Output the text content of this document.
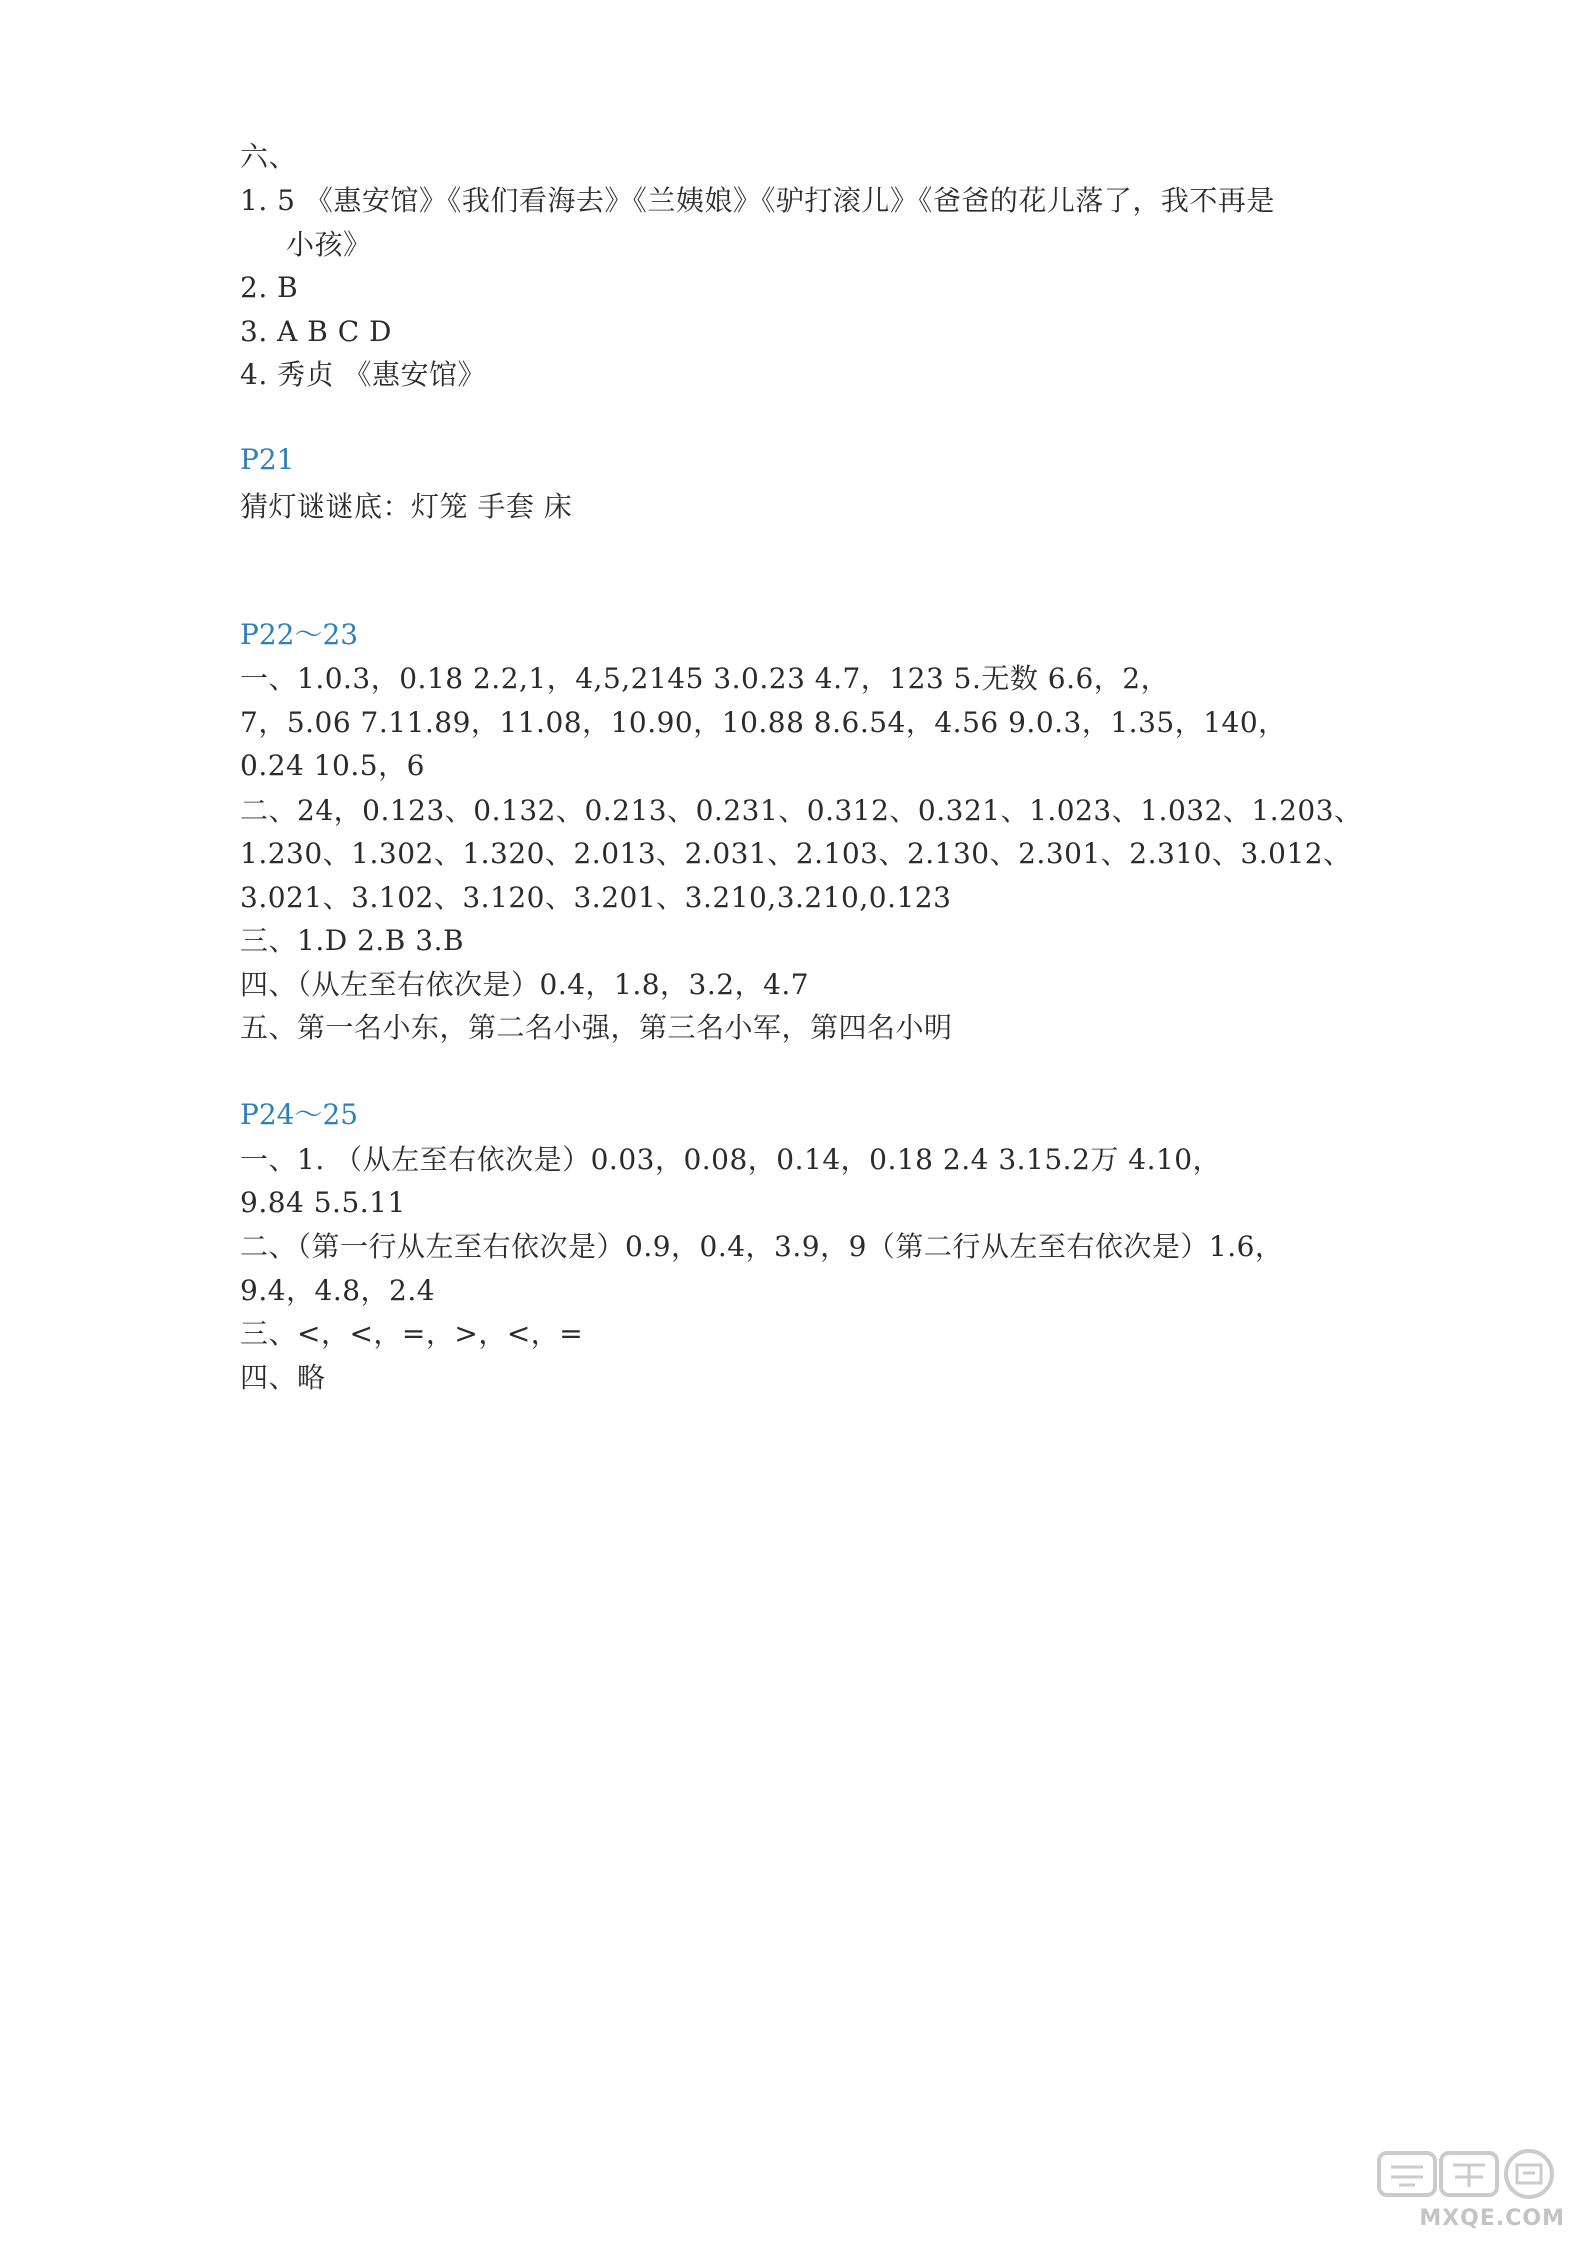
六、
1. 5 《惠安馆》《我们看海去》《兰姨娘》《驴打滚儿》《爸爸的花儿落了，我不再是
小孩》
2. B
3. A B C D
4. 秀贞 《惠安馆》
P21
猜灯谜谜底：灯笼 手套 床
P22～23
一、1.0.3，0.18 2.2,1，4,5,2145 3.0.23 4.7，123 5.无数 6.6，2，
7，5.06 7.11.89，11.08，10.90，10.88 8.6.54，4.56 9.0.3，1.35，140，
0.24 10.5，6
二、24，0.123、0.132、0.213、0.231、0.312、0.321、1.023、1.032、1.203、
1.230、1.302、1.320、2.013、2.031、2.103、2.130、2.301、2.310、3.012、
3.021、3.102、3.120、3.201、3.210,3.210,0.123
三、1.D 2.B 3.B
四、（从左至右依次是）0.4，1.8，3.2，4.7
五、第一名小东，第二名小强，第三名小军，第四名小明
P24～25
一、1. （从左至右依次是）0.03，0.08，0.14，0.18 2.4 3.15.2万 4.10，
9.84 5.5.11
二、（第一行从左至右依次是）0.9，0.4，3.9，9（第二行从左至右依次是）1.6，
9.4，4.8，2.4
三、<，<，=，>，<，=
四、略
MXQE.COM
